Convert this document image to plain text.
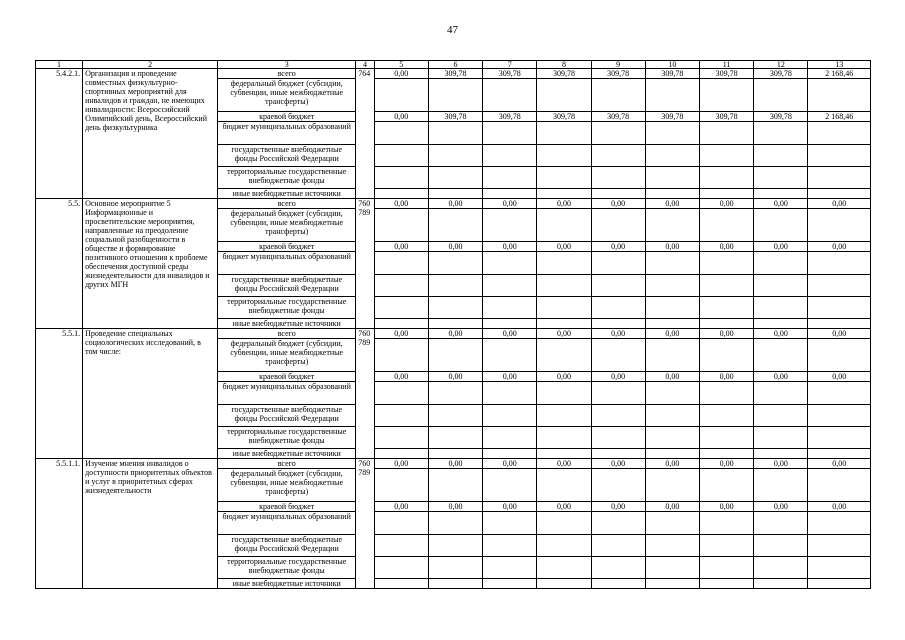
47
1	2	3	4	5	6	7	8	9	10	11	12	13
5.4.2.1.	Организация и проведение совместных физкультурно-спортивных мероприятий для инвалидов и граждан, не имеющих инвалидности: Всероссийский Олимпийский день, Всероссийский день физкультурника	всего	764	0,00	309,78	309,78	309,78	309,78	309,78	309,78	309,78	2 168,46
		федеральный бюджет (субсидии, субвенции, иные межбюджетные трансферты)										
		краевой бюджет		0,00	309,78	309,78	309,78	309,78	309,78	309,78	309,78	2 168,46
		бюджет муниципальных образований										
		государственные внебюджетные фонды Российской Федерации										
		территориальные государственные внебюджетные фонды										
		иные внебюджетные источники										
5.5.	Основное мероприятие 5 Информационные и просветительские мероприятия, направленные на преодоление социальной разобщенности в обществе и формирование позитивного отношения к проблеме обеспечения доступной среды жизнедеятельности для инвалидов и других МГН	всего	760 789	0,00	0,00	0,00	0,00	0,00	0,00	0,00	0,00	0,00
		федеральный бюджет (субсидии, субвенции, иные межбюджетные трансферты)										
		краевой бюджет		0,00	0,00	0,00	0,00	0,00	0,00	0,00	0,00	0,00
		бюджет муниципальных образований										
		государственные внебюджетные фонды Российской Федерации										
		территориальные государственные внебюджетные фонды										
		иные внебюджетные источники										
5.5.1.	Проведение специальных социологических исследований, в том числе:	всего	760 789	0,00	0,00	0,00	0,00	0,00	0,00	0,00	0,00	0,00
		федеральный бюджет (субсидии, субвенции, иные межбюджетные трансферты)										
		краевой бюджет		0,00	0,00	0,00	0,00	0,00	0,00	0,00	0,00	0,00
		бюджет муниципальных образований										
		государственные внебюджетные фонды Российской Федерации										
		территориальные государственные внебюджетные фонды										
		иные внебюджетные источники										
5.5.1.1.	Изучение мнения инвалидов о доступности приоритетных объектов и услуг в приоритетных сферах жизнедеятельности	всего	760 789	0,00	0,00	0,00	0,00	0,00	0,00	0,00	0,00	0,00
		федеральный бюджет (субсидии, субвенции, иные межбюджетные трансферты)										
		краевой бюджет		0,00	0,00	0,00	0,00	0,00	0,00	0,00	0,00	0,00
		бюджет муниципальных образований										
		государственные внебюджетные фонды Российской Федерации										
		территориальные государственные внебюджетные фонды										
		иные внебюджетные источники										
